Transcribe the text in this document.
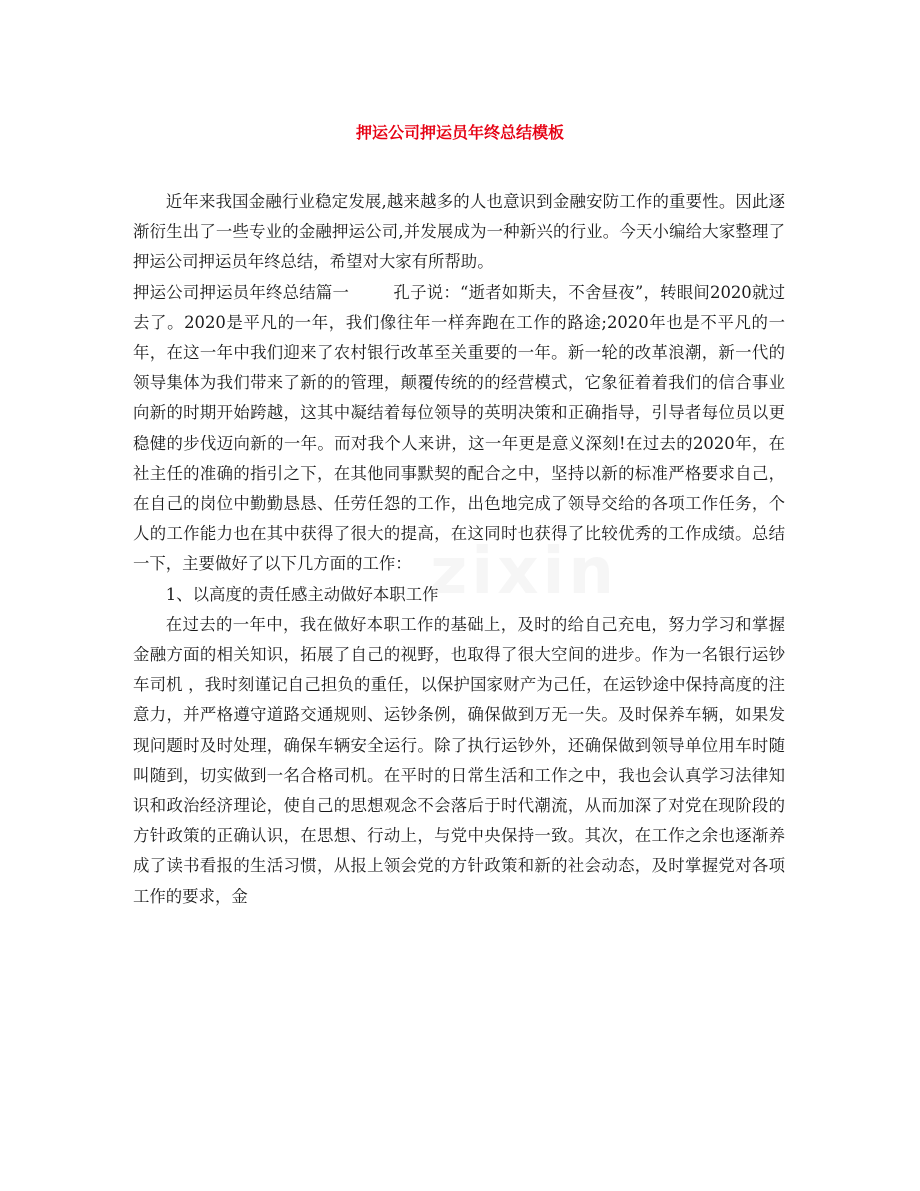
押运公司押运员年终总结模板

近年来我国金融行业稳定发展,越来越多的人也意识到金融安防工作的重要性。因此逐渐衍生出了一些专业的金融押运公司,并发展成为一种新兴的行业。今天小编给大家整理了押运公司押运员年终总结，希望对大家有所帮助。

押运公司押运员年终总结篇一	孔子说：“逝者如斯夫，不舍昼夜”，转眼间2020就过去了。2020是平凡的一年，我们像往年一样奔跑在工作的路途;2020年也是不平凡的一年，在这一年中我们迎来了农村银行改革至关重要的一年。新一轮的改革浪潮，新一代的领导集体为我们带来了新的的管理，颠覆传统的的经营模式，它象征着着我们的信合事业向新的时期开始跨越，这其中凝结着每位领导的英明决策和正确指导，引导者每位员以更稳健的步伐迈向新的一年。而对我个人来讲，这一年更是意义深刻!在过去的2020年，在社主任的准确的指引之下，在其他同事默契的配合之中，坚持以新的标准严格要求自己，在自己的岗位中勤勤恳恳、任劳任怨的工作，出色地完成了领导交给的各项工作任务，个人的工作能力也在其中获得了很大的提高，在这同时也获得了比较优秀的工作成绩。总结一下，主要做好了以下几方面的工作：

1、以高度的责任感主动做好本职工作

在过去的一年中，我在做好本职工作的基础上，及时的给自己充电，努力学习和掌握金融方面的相关知识，拓展了自己的视野，也取得了很大空间的进步。作为一名银行运钞车司机 ，我时刻谨记自己担负的重任，以保护国家财产为己任，在运钞途中保持高度的注意力，并严格遵守道路交通规则、运钞条例，确保做到万无一失。及时保养车辆，如果发现问题时及时处理，确保车辆安全运行。除了执行运钞外，还确保做到领导单位用车时随叫随到，切实做到一名合格司机。在平时的日常生活和工作之中，我也会认真学习法律知识和政治经济理论，使自己的思想观念不会落后于时代潮流，从而加深了对党在现阶段的方针政策的正确认识，在思想、行动上，与党中央保持一致。其次，在工作之余也逐渐养成了读书看报的生活习惯，从报上领会党的方针政策和新的社会动态，及时掌握党对各项工作的要求，金

zixin
